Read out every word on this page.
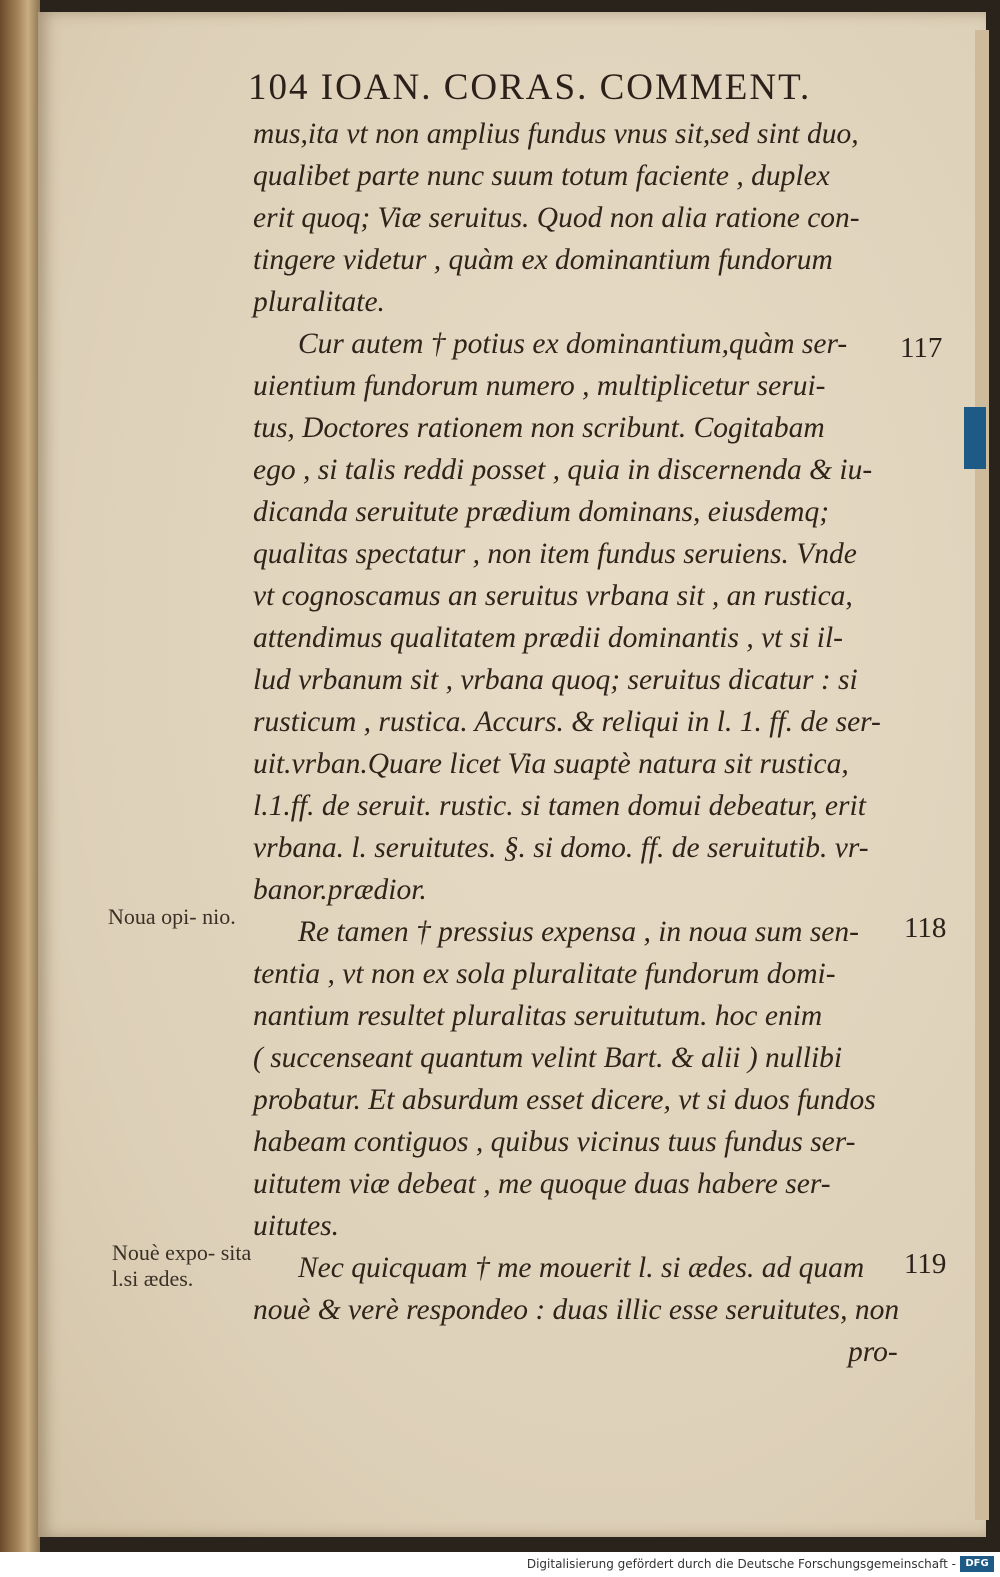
104 IOAN. CORAS. COMMENT.
mus,ita vt non amplius fundus vnus sit,sed sint duo,
qualibet parte nunc suum totum faciente , duplex
erit quoq; Viæ seruitus. Quod non alia ratione con-
tingere videtur , quàm ex dominantium fundorum
pluralitate.
Cur autem † potius ex dominantium,quàm ser-
uientium fundorum numero , multiplicetur serui-
tus, Doctores rationem non scribunt. Cogitabam
ego , si talis reddi posset , quia in discernenda & iu-
dicanda seruitute prædium dominans, eiusdemq;
qualitas spectatur , non item fundus seruiens. Vnde
vt cognoscamus an seruitus vrbana sit , an rustica,
attendimus qualitatem prædii dominantis , vt si il-
lud vrbanum sit , vrbana quoq; seruitus dicatur : si
rusticum , rustica. Accurs. & reliqui in l. 1. ff. de ser-
uit.vrban.Quare licet Via suaptè natura sit rustica,
l.1.ff. de seruit. rustic. si tamen domui debeatur, erit
vrbana. l. seruitutes. §. si domo. ff. de seruitutib. vr-
banor.prædior.
Re tamen † pressius expensa , in noua sum sen-
tentia , vt non ex sola pluralitate fundorum domi-
nantium resultet pluralitas seruitutum. hoc enim
( succenseant quantum velint Bart. & alii ) nullibi
probatur. Et absurdum esset dicere, vt si duos fundos
habeam contiguos , quibus vicinus tuus fundus ser-
uitutem viæ debeat , me quoque duas habere ser-
uitutes.
Nec quicquam † me mouerit l. si ædes. ad quam
nouè & verè respondeo : duas illic esse seruitutes, non
pro-
117
118
119
Noua opi- nio.
Nouè expo- sita l.si ædes.
Digitalisierung gefördert durch die Deutsche Forschungsgemeinschaft - DFG
